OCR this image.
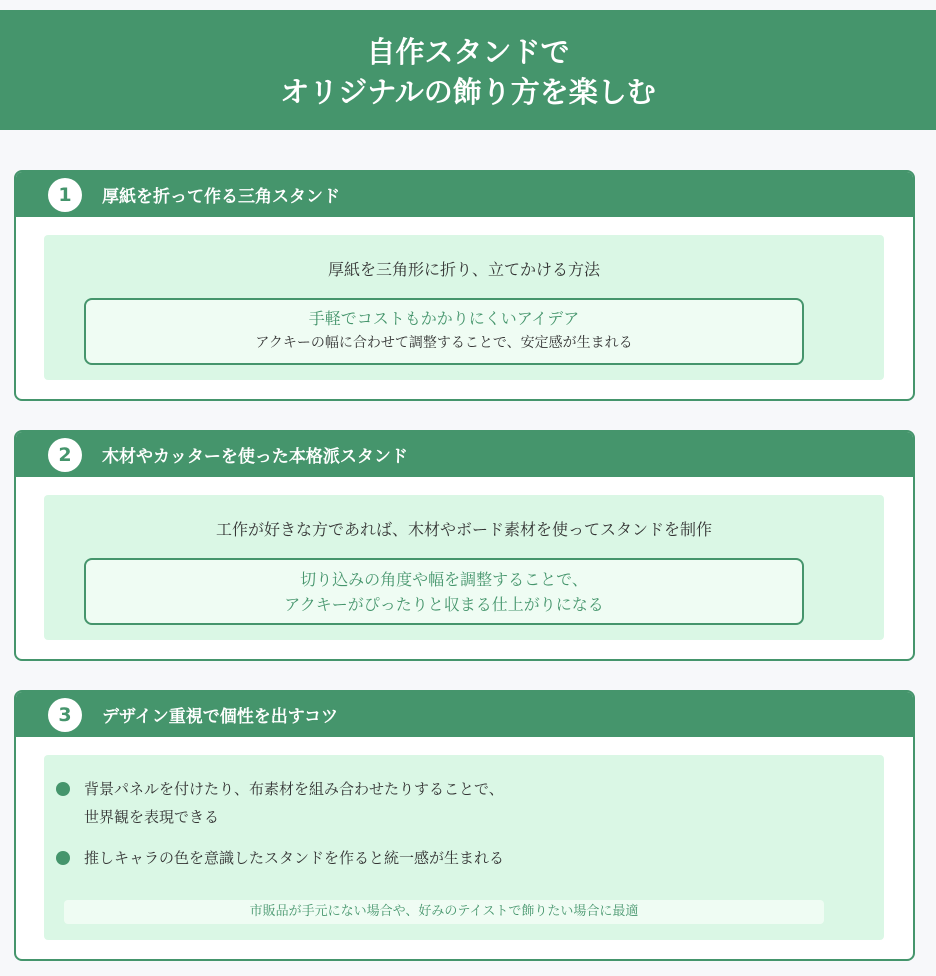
自作スタンドで
オリジナルの飾り方を楽しむ
1	厚紙を折って作る三角スタンド
厚紙を三角形に折り、立てかける方法
手軽でコストもかかりにくいアイデア
アクキーの幅に合わせて調整することで、安定感が生まれる
2	木材やカッターを使った本格派スタンド
工作が好きな方であれば、木材やボード素材を使ってスタンドを制作
切り込みの角度や幅を調整することで、
アクキーがぴったりと収まる仕上がりになる
3	デザイン重視で個性を出すコツ
背景パネルを付けたり、布素材を組み合わせたりすることで、
世界観を表現できる
推しキャラの色を意識したスタンドを作ると統一感が生まれる
市販品が手元にない場合や、好みのテイストで飾りたい場合に最適
